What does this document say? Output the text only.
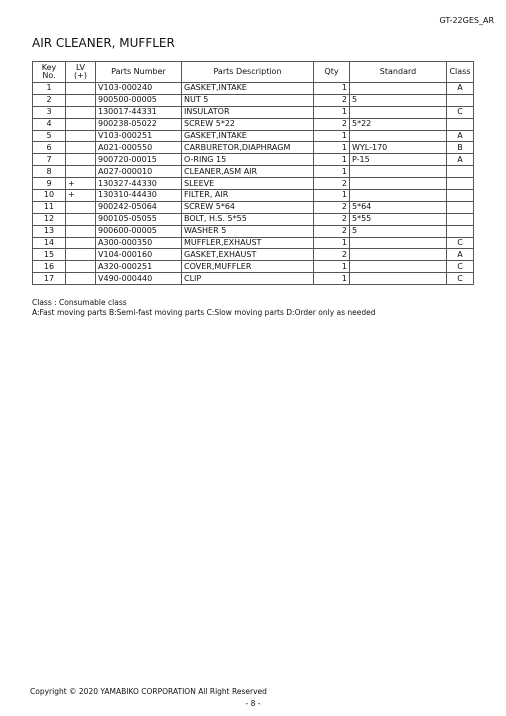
GT-22GES_AR
AIR CLEANER, MUFFLER
Key
No.	LV
(+)	Parts Number	Parts Description	Qty	Standard	Class
1		V103-000240	GASKET,INTAKE	1		A
2		900500-00005	NUT 5	2	5	
3		130017-44331	INSULATOR	1		C
4		900238-05022	SCREW 5*22	2	5*22	
5		V103-000251	GASKET,INTAKE	1		A
6		A021-000550	CARBURETOR,DIAPHRAGM	1	WYL-170	B
7		900720-00015	O-RING 15	1	P-15	A
8		A027-000010	CLEANER,ASM AIR	1		
9	+	130327-44330	SLEEVE	2		
10	+	130310-44430	FILTER, AIR	1		
11		900242-05064	SCREW 5*64	2	5*64	
12		900105-05055	BOLT, H.S. 5*55	2	5*55	
13		900600-00005	WASHER 5	2	5	
14		A300-000350	MUFFLER,EXHAUST	1		C
15		V104-000160	GASKET,EXHAUST	2		A
16		A320-000251	COVER,MUFFLER	1		C
17		V490-000440	CLIP	1		C
Class : Consumable class
A:Fast moving parts B:Semi-fast moving parts C:Slow moving parts D:Order only as needed
Copyright © 2020 YAMABIKO CORPORATION All Right Reserved
- 8 -
